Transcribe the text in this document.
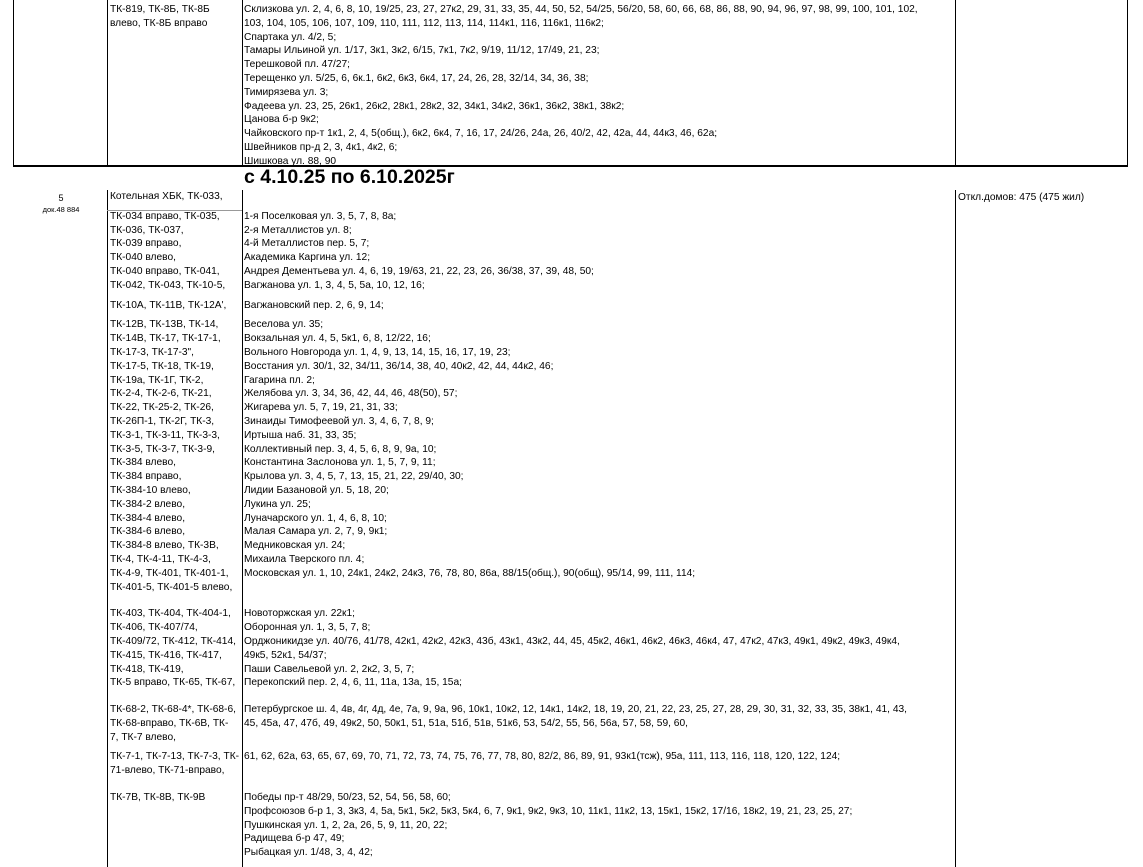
ТК-819, ТК-8Б, ТК-8Б
влево, ТК-8Б вправо
Склизкова ул. 2, 4, 6, 8, 10, 19/25, 23, 27, 27к2, 29, 31, 33, 35, 44, 50, 52, 54/25, 56/20, 58, 60, 66, 68, 86, 88, 90, 94, 96, 97, 98, 99, 100, 101, 102,
103, 104, 105, 106, 107, 109, 110, 111, 112, 113, 114, 114к1, 116, 116к1, 116к2;
Спартака ул. 4/2, 5;
Тамары Ильиной ул. 1/17, 3к1, 3к2, 6/15, 7к1, 7к2, 9/19, 11/12, 17/49, 21, 23;
Терешковой пл. 47/27;
Терещенко ул. 5/25, 6, 6к.1, 6к2, 6к3, 6к4, 17, 24, 26, 28, 32/14, 34, 36, 38;
Тимирязева ул. 3;
Фадеева ул. 23, 25, 26к1, 26к2, 28к1, 28к2, 32, 34к1, 34к2, 36к1, 36к2, 38к1, 38к2;
Цанова б-р 9к2;
Чайковского пр-т 1к1, 2, 4, 5(общ.), 6к2, 6к4, 7, 16, 17, 24/26, 24а, 26, 40/2, 42, 42а, 44, 44к3, 46, 62а;
Швейников пр-д 2, 3, 4к1, 4к2, 6;
Шишкова ул. 88, 90
с 4.10.25 по 6.10.2025г
5
док.48 884
Откл.домов: 475 (475 жил)
Котельная ХБК, ТК-033,
ТК-034 вправо, ТК-035,
ТК-036, ТК-037,
ТК-039 вправо,
ТК-040 влево,
ТК-040 вправо, ТК-041,
ТК-042, ТК-043, ТК-10-5,
ТК-10А, ТК-11В, ТК-12А',
ТК-12В, ТК-13В, ТК-14,
ТК-14В, ТК-17, ТК-17-1,
ТК-17-3, ТК-17-3",
ТК-17-5, ТК-18, ТК-19,
ТК-19а, ТК-1Г, ТК-2,
ТК-2-4, ТК-2-6, ТК-21,
ТК-22, ТК-25-2, ТК-26,
ТК-26П-1, ТК-2Г, ТК-3,
ТК-3-1, ТК-3-11, ТК-3-3,
ТК-3-5, ТК-3-7, ТК-3-9,
ТК-384 влево,
ТК-384 вправо,
ТК-384-10 влево,
ТК-384-2 влево,
ТК-384-4 влево,
ТК-384-6 влево,
ТК-384-8 влево, ТК-3В,
ТК-4, ТК-4-11, ТК-4-3,
ТК-4-9, ТК-401, ТК-401-1,
ТК-401-5, ТК-401-5 влево,
ТК-403, ТК-404, ТК-404-1,
ТК-406, ТК-407/74,
ТК-409/72, ТК-412, ТК-414,
ТК-415, ТК-416, ТК-417,
ТК-418, ТК-419,
ТК-5 вправо, ТК-65, ТК-67,
ТК-68-2, ТК-68-4*, ТК-68-6,
ТК-68-вправо, ТК-6В, ТК-
7, ТК-7 влево,
ТК-7-1, ТК-7-13, ТК-7-3, ТК-
71-влево, ТК-71-вправо,
ТК-7В, ТК-8В, ТК-9В
1-я Поселковая ул. 3, 5, 7, 8, 8а;
2-я Металлистов ул. 8;
4-й Металлистов пер. 5, 7;
Академика Каргина ул. 12;
Андрея Дементьева ул. 4, 6, 19, 19/63, 21, 22, 23, 26, 36/38, 37, 39, 48, 50;
Вагжанова ул. 1, 3, 4, 5, 5а, 10, 12, 16;
Вагжановский пер. 2, 6, 9, 14;
Веселова ул. 35;
Вокзальная ул. 4, 5, 5к1, 6, 8, 12/22, 16;
Вольного Новгорода ул. 1, 4, 9, 13, 14, 15, 16, 17, 19, 23;
Восстания ул. 30/1, 32, 34/11, 36/14, 38, 40, 40к2, 42, 44, 44к2, 46;
Гагарина пл. 2;
Желябова ул. 3, 34, 36, 42, 44, 46, 48(50), 57;
Жигарева ул. 5, 7, 19, 21, 31, 33;
Зинаиды Тимофеевой ул. 3, 4, 6, 7, 8, 9;
Иртыша наб. 31, 33, 35;
Коллективный пер. 3, 4, 5, 6, 8, 9, 9а, 10;
Константина Заслонова ул. 1, 5, 7, 9, 11;
Крылова ул. 3, 4, 5, 7, 13, 15, 21, 22, 29/40, 30;
Лидии Базановой ул. 5, 18, 20;
Лукина ул. 25;
Луначарского ул. 1, 4, 6, 8, 10;
Малая Самара ул. 2, 7, 9, 9к1;
Медниковская ул. 24;
Михаила Тверского пл. 4;
Московская ул. 1, 10, 24к1, 24к2, 24к3, 76, 78, 80, 86а, 88/15(общ.), 90(общ), 95/14, 99, 111, 114;
Новоторжская ул. 22к1;
Оборонная ул. 1, 3, 5, 7, 8;
Орджоникидзе ул. 40/76, 41/78, 42к1, 42к2, 42к3, 43б, 43к1, 43к2, 44, 45, 45к2, 46к1, 46к2, 46к3, 46к4, 47, 47к2, 47к3, 49к1, 49к2, 49к3, 49к4,
49к5, 52к1, 54/37;
Паши Савельевой ул. 2, 2к2, 3, 5, 7;
Перекопский пер. 2, 4, 6, 11, 11а, 13а, 15, 15а;
Петербургское ш. 4, 4в, 4г, 4д, 4е, 7а, 9, 9а, 96, 10к1, 10к2, 12, 14к1, 14к2, 18, 19, 20, 21, 22, 23, 25, 27, 28, 29, 30, 31, 32, 33, 35, 38к1, 41, 43,
45, 45а, 47, 47б, 49, 49к2, 50, 50к1, 51, 51а, 51б, 51в, 51к6, 53, 54/2, 55, 56, 56а, 57, 58, 59, 60,
61, 62, 62а, 63, 65, 67, 69, 70, 71, 72, 73, 74, 75, 76, 77, 78, 80, 82/2, 86, 89, 91, 93к1(тсж), 95а, 111, 113, 116, 118, 120, 122, 124;
Победы пр-т 48/29, 50/23, 52, 54, 56, 58, 60;
Профсоюзов б-р 1, 3, 3к3, 4, 5а, 5к1, 5к2, 5к3, 5к4, 6, 7, 9к1, 9к2, 9к3, 10, 11к1, 11к2, 13, 15к1, 15к2, 17/16, 18к2, 19, 21, 23, 25, 27;
Пушкинская ул. 1, 2, 2а, 26, 5, 9, 11, 20, 22;
Радищева б-р 47, 49;
Рыбацкая ул. 1/48, 3, 4, 42;
